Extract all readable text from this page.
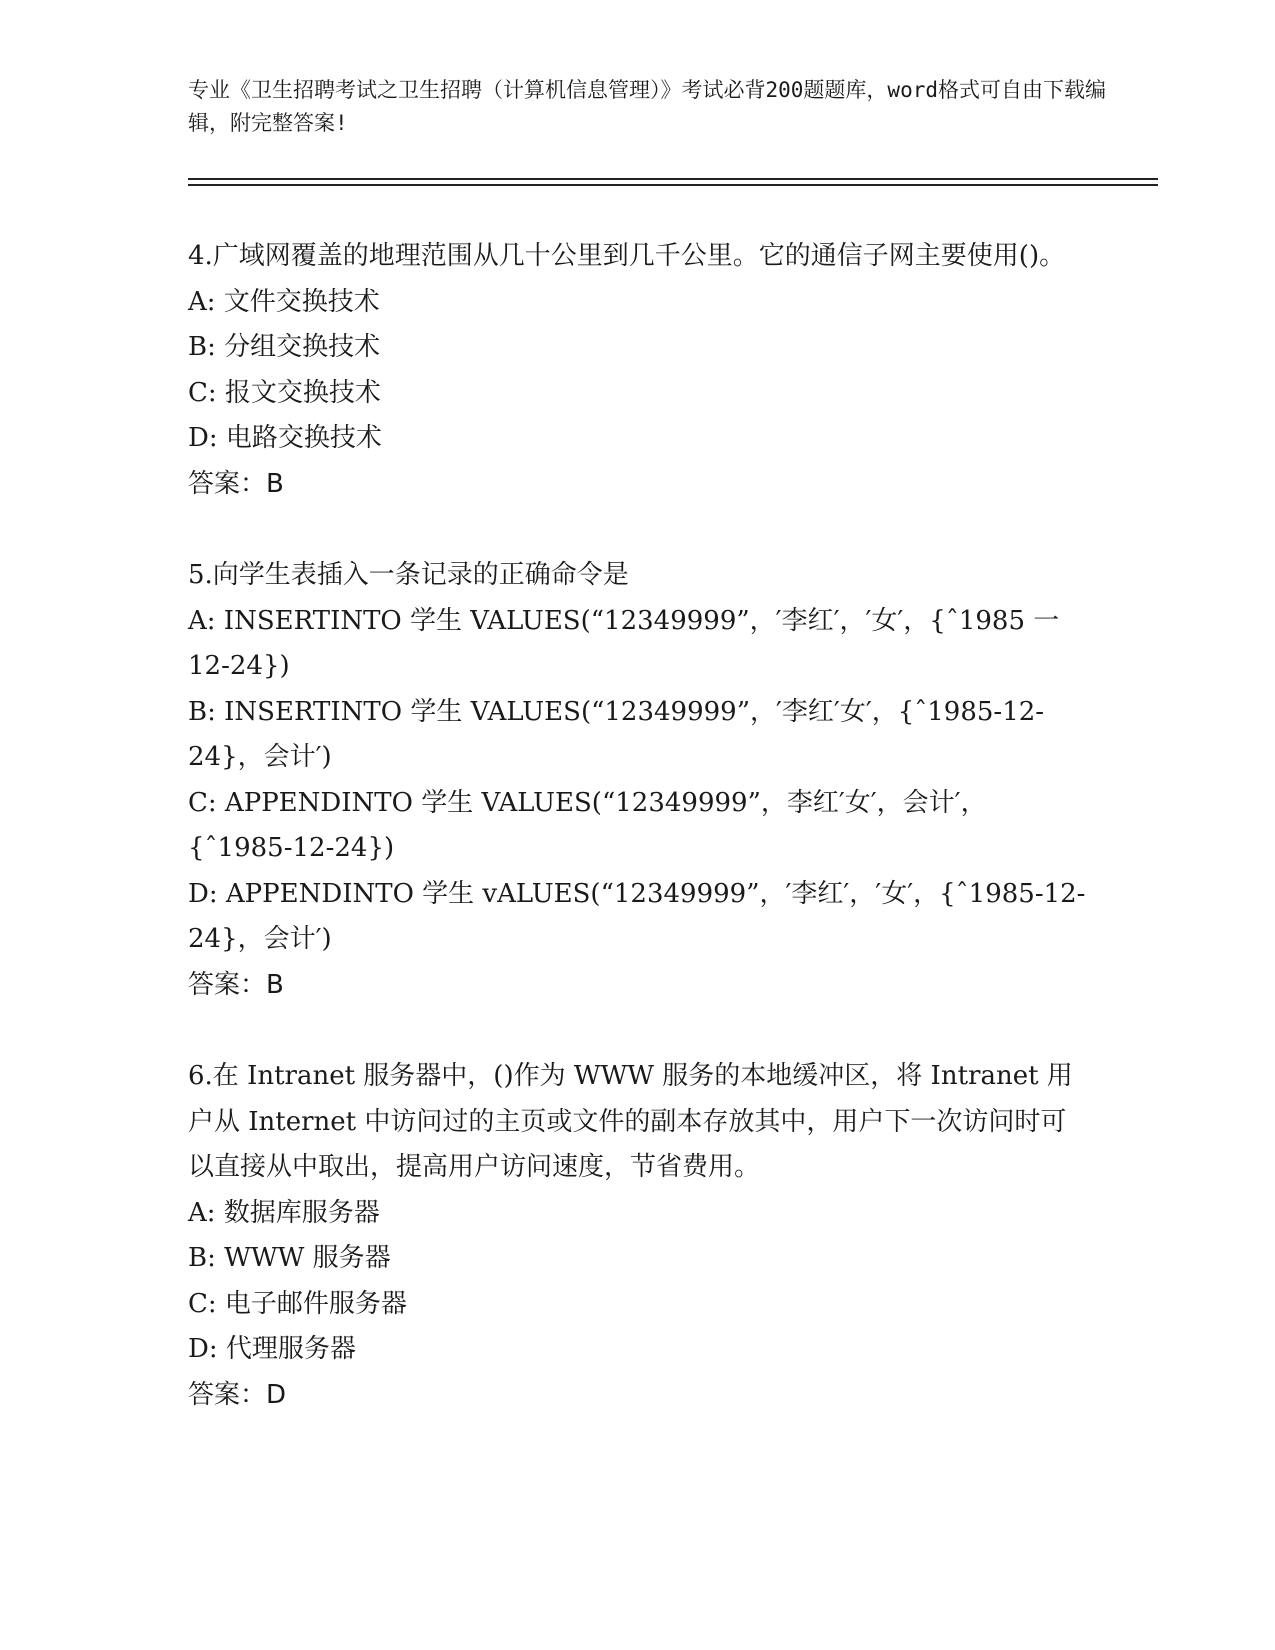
专业《卫生招聘考试之卫生招聘（计算机信息管理）》考试必背200题题库，word格式可自由下载编辑，附完整答案!

4.广域网覆盖的地理范围从几十公里到几千公里。它的通信子网主要使用()。

A: 文件交换技术

B: 分组交换技术

C: 报文交换技术

D: 电路交换技术

答案：B

5.向学生表插入一条记录的正确命令是

A: INSERTINTO 学生 VALUES(“12349999”，′李红′，′女′，{ˆ1985 一 12-24})

B: INSERTINTO 学生 VALUES(“12349999”，′李红′女′，{ˆ1985-12-24}，会计′)

C: APPENDINTO 学生 VALUES(“12349999”，李红′女′，会计′，{ˆ1985-12-24})

D: APPENDINTO 学生 vALUES(“12349999”，′李红′，′女′，{ˆ1985-12-24}，会计′)

答案：B

6.在 Intranet 服务器中，()作为 WWW 服务的本地缓冲区，将 Intranet 用户从 Internet 中访问过的主页或文件的副本存放其中，用户下一次访问时可以直接从中取出，提高用户访问速度，节省费用。

A: 数据库服务器

B: WWW 服务器

C: 电子邮件服务器

D: 代理服务器

答案：D
